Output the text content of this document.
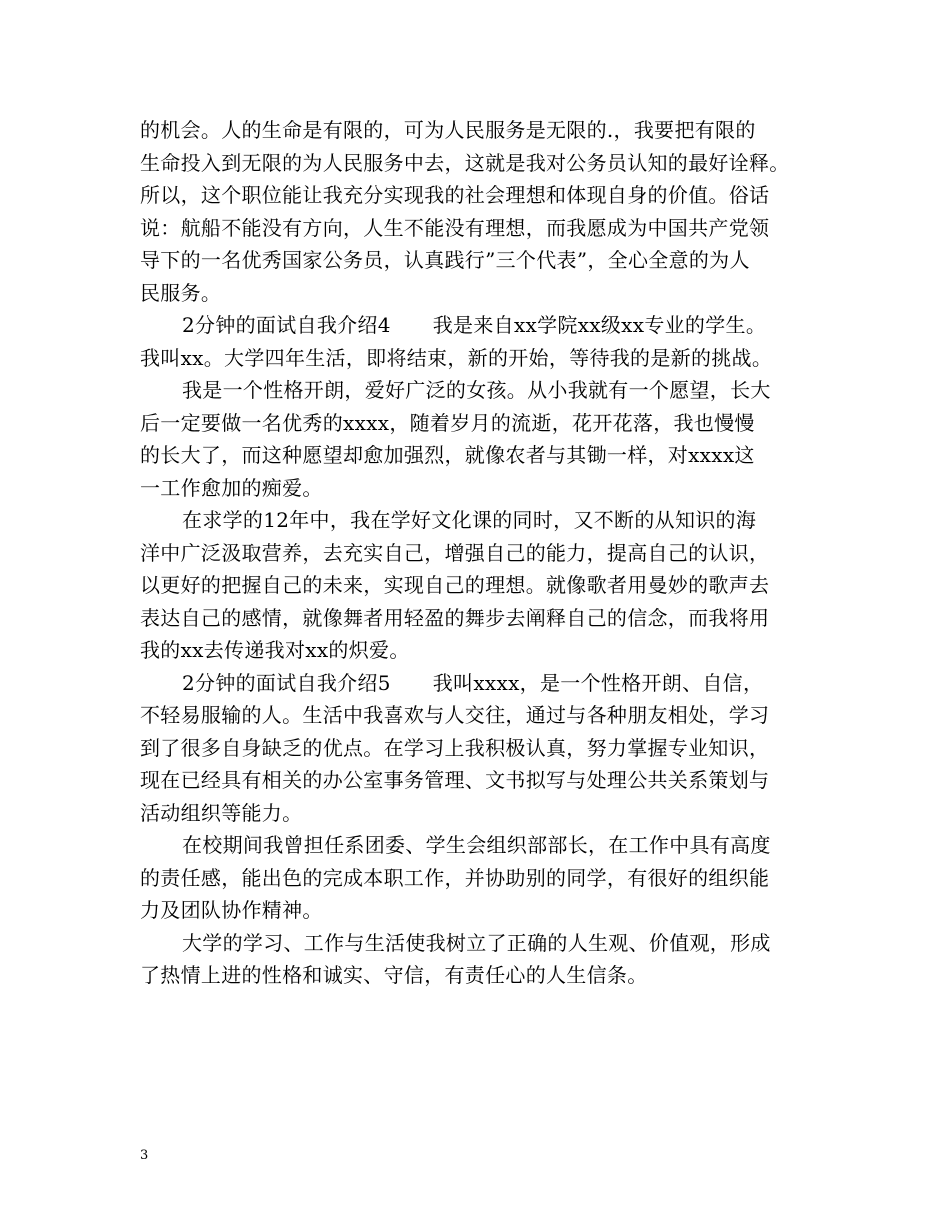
的机会。人的生命是有限的，可为人民服务是无限的.，我要把有限的
生命投入到无限的为人民服务中去，这就是我对公务员认知的最好诠释。
所以，这个职位能让我充分实现我的社会理想和体现自身的价值。俗话
说：航船不能没有方向，人生不能没有理想，而我愿成为中国共产党领
导下的一名优秀国家公务员，认真践行”三个代表”，全心全意的为人
民服务。
2分钟的面试自我介绍4 我是来自xx学院xx级xx专业的学生。
我叫xx。大学四年生活，即将结束，新的开始，等待我的是新的挑战。
我是一个性格开朗，爱好广泛的女孩。从小我就有一个愿望，长大
后一定要做一名优秀的xxxx，随着岁月的流逝，花开花落，我也慢慢
的长大了，而这种愿望却愈加强烈，就像农者与其锄一样，对xxxx这
一工作愈加的痴爱。
在求学的12年中，我在学好文化课的同时，又不断的从知识的海
洋中广泛汲取营养，去充实自己，增强自己的能力，提高自己的认识，
以更好的把握自己的未来，实现自己的理想。就像歌者用曼妙的歌声去
表达自己的感情，就像舞者用轻盈的舞步去阐释自己的信念，而我将用
我的xx去传递我对xx的炽爱。
2分钟的面试自我介绍5 我叫xxxx，是一个性格开朗、自信，
不轻易服输的人。生活中我喜欢与人交往，通过与各种朋友相处，学习
到了很多自身缺乏的优点。在学习上我积极认真，努力掌握专业知识，
现在已经具有相关的办公室事务管理、文书拟写与处理公共关系策划与
活动组织等能力。
在校期间我曾担任系团委、学生会组织部部长，在工作中具有高度
的责任感，能出色的完成本职工作，并协助别的同学，有很好的组织能
力及团队协作精神。
大学的学习、工作与生活使我树立了正确的人生观、价值观，形成
了热情上进的性格和诚实、守信，有责任心的人生信条。
3
